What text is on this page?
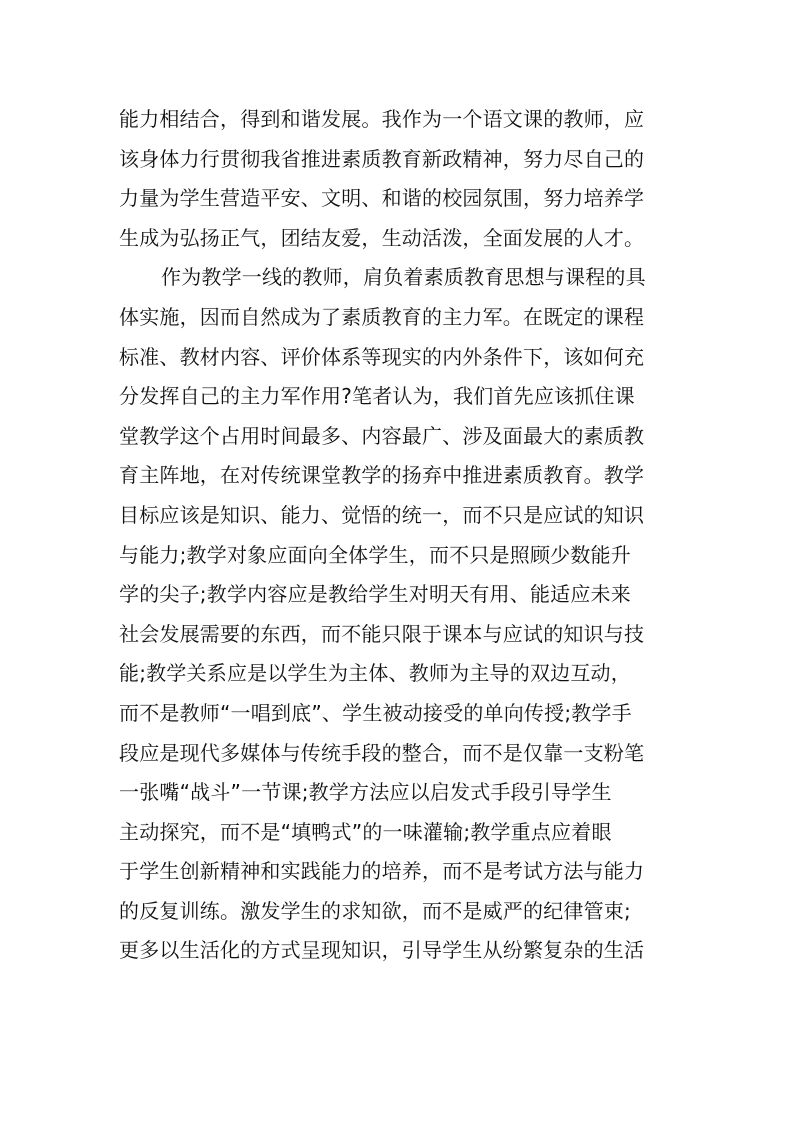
能力相结合，得到和谐发展。我作为一个语文课的教师，应
该身体力行贯彻我省推进素质教育新政精神，努力尽自己的
力量为学生营造平安、文明、和谐的校园氛围，努力培养学
生成为弘扬正气，团结友爱，生动活泼，全面发展的人才。
作为教学一线的教师，肩负着素质教育思想与课程的具
体实施，因而自然成为了素质教育的主力军。在既定的课程
标准、教材内容、评价体系等现实的内外条件下，该如何充
分发挥自己的主力军作用?笔者认为，我们首先应该抓住课
堂教学这个占用时间最多、内容最广、涉及面最大的素质教
育主阵地，在对传统课堂教学的扬弃中推进素质教育。教学
目标应该是知识、能力、觉悟的统一，而不只是应试的知识
与能力;教学对象应面向全体学生，而不只是照顾少数能升
学的尖子;教学内容应是教给学生对明天有用、能适应未来
社会发展需要的东西，而不能只限于课本与应试的知识与技
能;教学关系应是以学生为主体、教师为主导的双边互动，
而不是教师“一唱到底”、学生被动接受的单向传授;教学手
段应是现代多媒体与传统手段的整合，而不是仅靠一支粉笔
一张嘴“战斗”一节课;教学方法应以启发式手段引导学生
主动探究，而不是“填鸭式”的一味灌输;教学重点应着眼
于学生创新精神和实践能力的培养，而不是考试方法与能力
的反复训练。激发学生的求知欲，而不是威严的纪律管束;
更多以生活化的方式呈现知识，引导学生从纷繁复杂的生活
